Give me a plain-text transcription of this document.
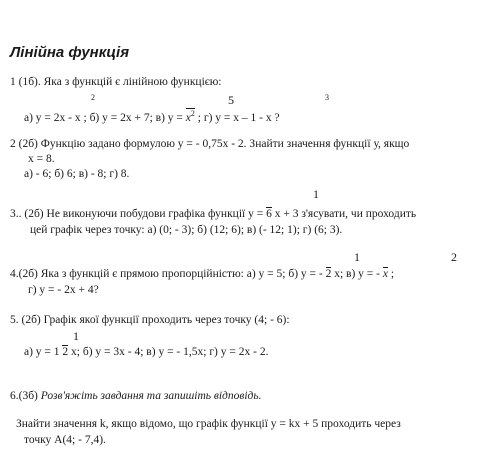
Лінійна функція
1 (1б). Яка з функцій є лінійною функцією:
2	5	3
а) у = 2х - х ; б) у = 2х + 7; в) $у = x^2$ ; г) у = х – 1 - х ?
2 (2б) Функцію задано формулою у = - 0,75х - 2. Знайти значення функції у, якщо
х = 8.
а) - 6; б) 6; в) - 8; г) 8.
1
3.. (2б) Не виконуючи побудови графіка функції у = 6 х + 3 з'ясувати, чи проходить
цей графік через точку: а) (0; - 3); б) (12; 6); в) (- 12; 1); г) (6; 3).
1	2
4.(2б) Яка з функцій є прямою пропорційністю: а) у = 5; б) у = - 2 х; в) у = - х ;
г) у = - 2х + 4?
5. (2б) Графік якої функції проходить через точку (4; - 6):
1
а) у = 1 2 х; б) у = 3х - 4; в) у = - 1,5х; г) у = 2х - 2.
6.(3б) Розв'яжіть завдання та запишіть відповідь.
Знайти значення k, якщо відомо, що графік функції у = kх + 5 проходить через
точку А(4; - 7,4).
